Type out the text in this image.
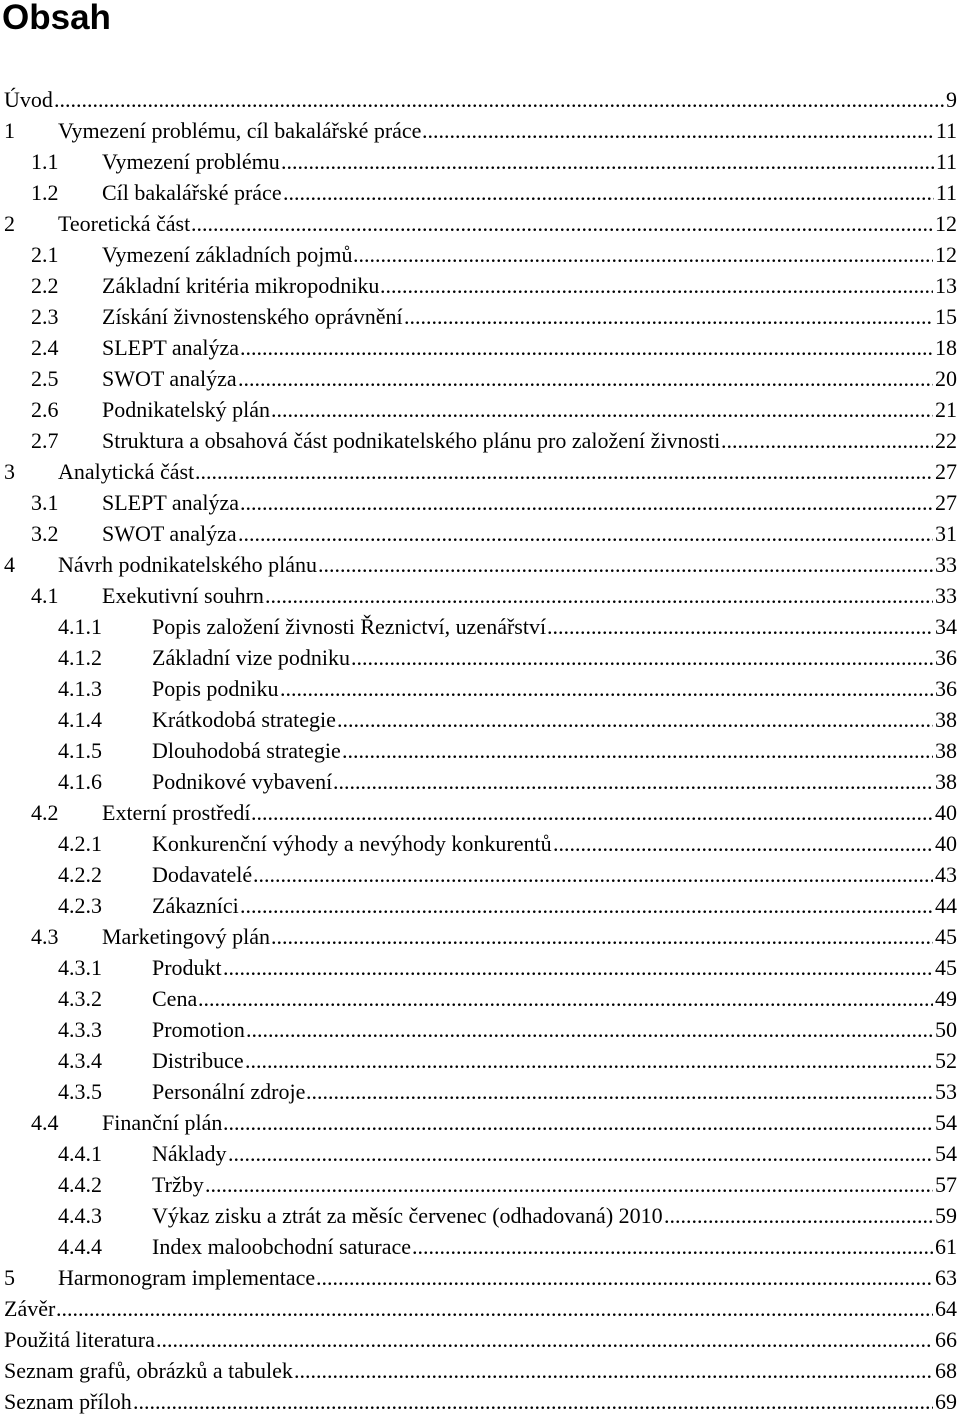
Obsah
.....
Úvod	9
1 ..... Vymezení problému, cíl bakalářské práce	11
1.1 ..... Vymezení problému	11
1.2 ..... Cíl bakalářské práce	11
2 ..... Teoretická část	12
2.1 ..... Vymezení základních pojmů	12
2.2 ..... Základní kritéria mikropodniku	13
2.3 ..... Získání živnostenského oprávnění	15
2.4 ..... SLEPT analýza	18
2.5 ..... SWOT analýza	20
2.6 ..... Podnikatelský plán	21
2.7 ..... Struktura a obsahová část podnikatelského plánu pro založení živnosti	22
3 ..... Analytická část	27
3.1 ..... SLEPT analýza	27
3.2 ..... SWOT analýza	31
4 ..... Návrh podnikatelského plánu	33
4.1 ..... Exekutivní souhrn	33
4.1.1 ..... Popis založení živnosti Řeznictví, uzenářství	34
4.1.2 ..... Základní vize podniku	36
4.1.3 ..... Popis podniku	36
4.1.4 ..... Krátkodobá strategie	38
4.1.5 ..... Dlouhodobá strategie	38
4.1.6 ..... Podnikové vybavení	38
4.2 ..... Externí prostředí	40
4.2.1 ..... Konkurenční výhody a nevýhody konkurentů	40
4.2.2 ..... Dodavatelé	43
4.2.3 ..... Zákazníci	44
4.3 ..... Marketingový plán	45
4.3.1 ..... Produkt	45
4.3.2 ..... Cena	49
4.3.3 ..... Promotion	50
4.3.4 ..... Distribuce	52
4.3.5 ..... Personální zdroje	53
4.4 ..... Finanční plán	54
4.4.1 ..... Náklady	54
4.4.2 ..... Tržby	57
4.4.3 ..... Výkaz zisku a ztrát za měsíc červenec (odhadovaná) 2010	59
4.4.4 ..... Index maloobchodní saturace	61
5 ..... Harmonogram implementace	63
.....
Závěr	64
.....
Použitá literatura	66
.....
Seznam grafů, obrázků a tabulek	68
.....
Seznam příloh	69
